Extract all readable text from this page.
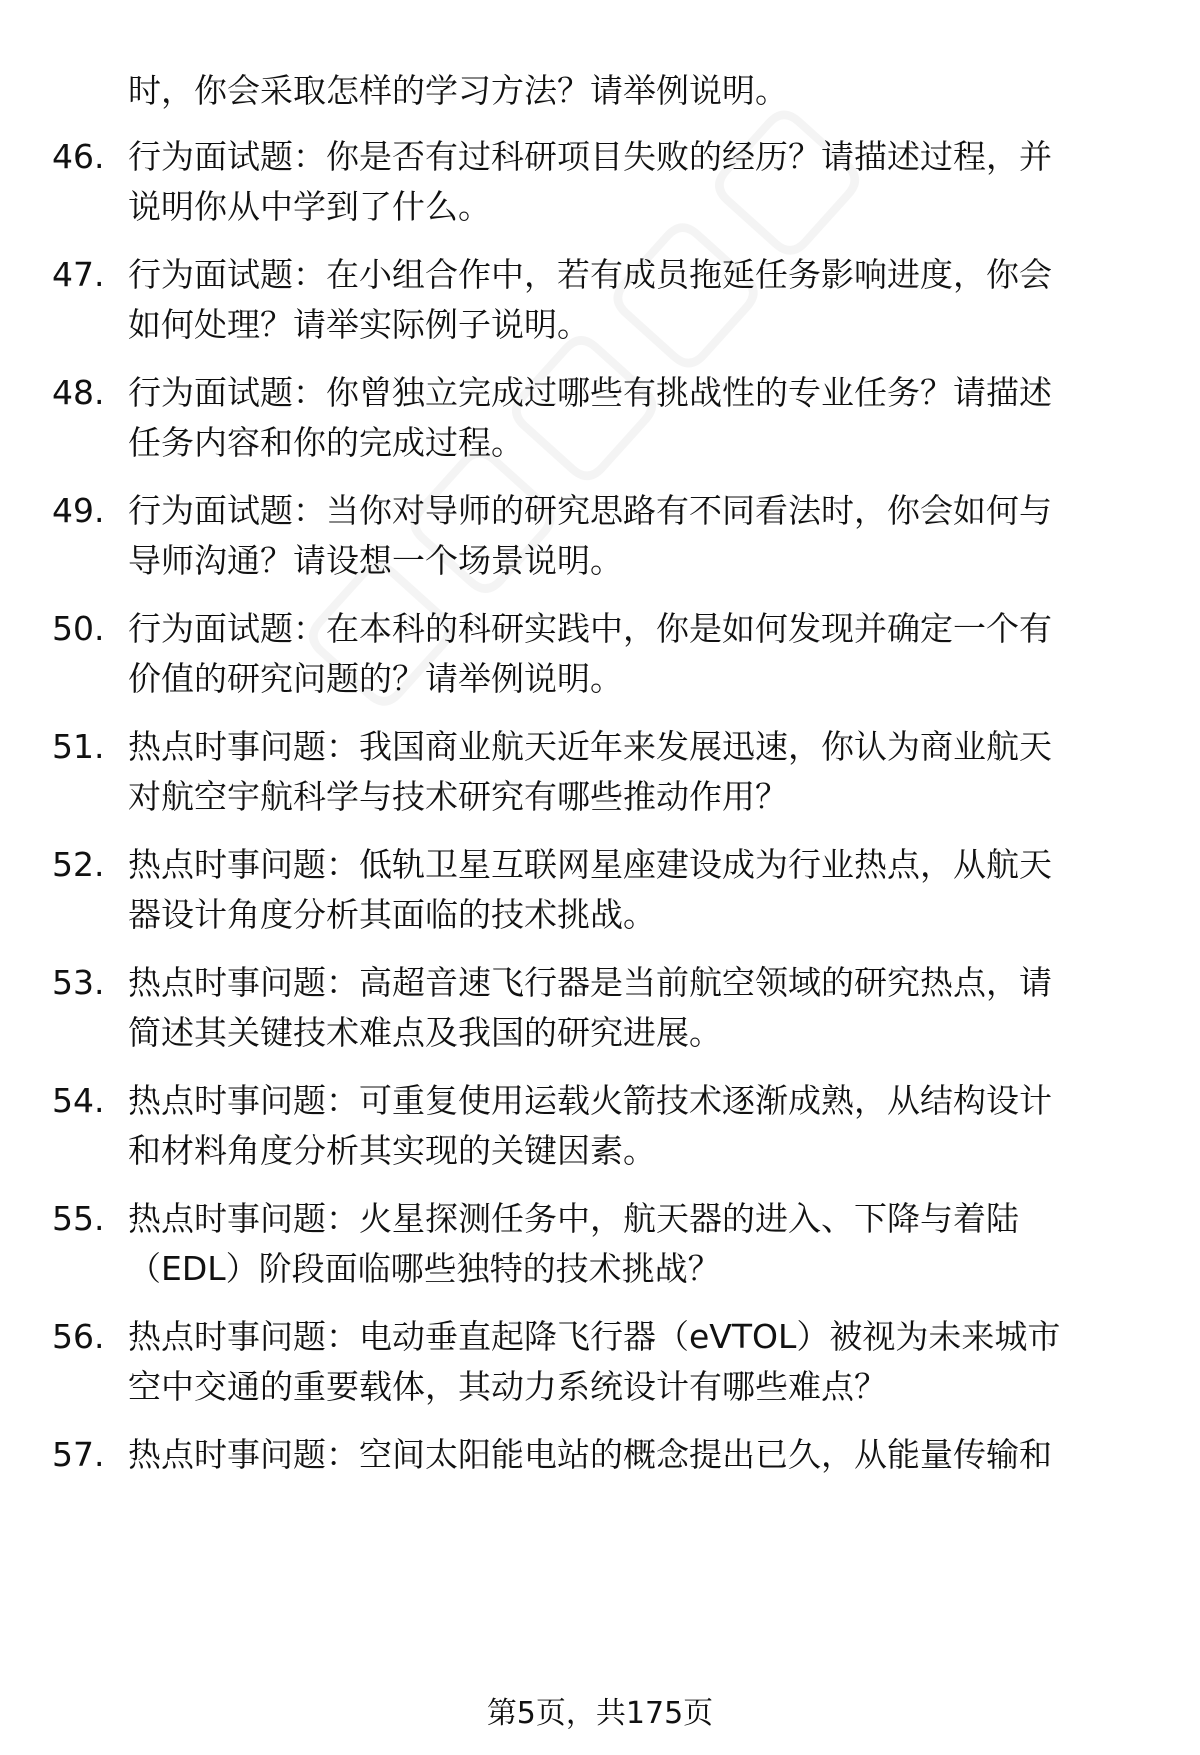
时，你会采取怎样的学习方法？请举例说明。
46. 行为面试题：你是否有过科研项目失败的经历？请描述过程，并
说明你从中学到了什么。
47. 行为面试题：在小组合作中，若有成员拖延任务影响进度，你会
如何处理？请举实际例子说明。
48. 行为面试题：你曾独立完成过哪些有挑战性的专业任务？请描述
任务内容和你的完成过程。
49. 行为面试题：当你对导师的研究思路有不同看法时，你会如何与
导师沟通？请设想一个场景说明。
50. 行为面试题：在本科的科研实践中，你是如何发现并确定一个有
价值的研究问题的？请举例说明。
51. 热点时事问题：我国商业航天近年来发展迅速，你认为商业航天
对航空宇航科学与技术研究有哪些推动作用？
52. 热点时事问题：低轨卫星互联网星座建设成为行业热点，从航天
器设计角度分析其面临的技术挑战。
53. 热点时事问题：高超音速飞行器是当前航空领域的研究热点，请
简述其关键技术难点及我国的研究进展。
54. 热点时事问题：可重复使用运载火箭技术逐渐成熟，从结构设计
和材料角度分析其实现的关键因素。
55. 热点时事问题：火星探测任务中，航天器的进入、下降与着陆
（EDL）阶段面临哪些独特的技术挑战？
56. 热点时事问题：电动垂直起降飞行器（eVTOL）被视为未来城市
空中交通的重要载体，其动力系统设计有哪些难点？
57. 热点时事问题：空间太阳能电站的概念提出已久，从能量传输和
第5页，共175页
